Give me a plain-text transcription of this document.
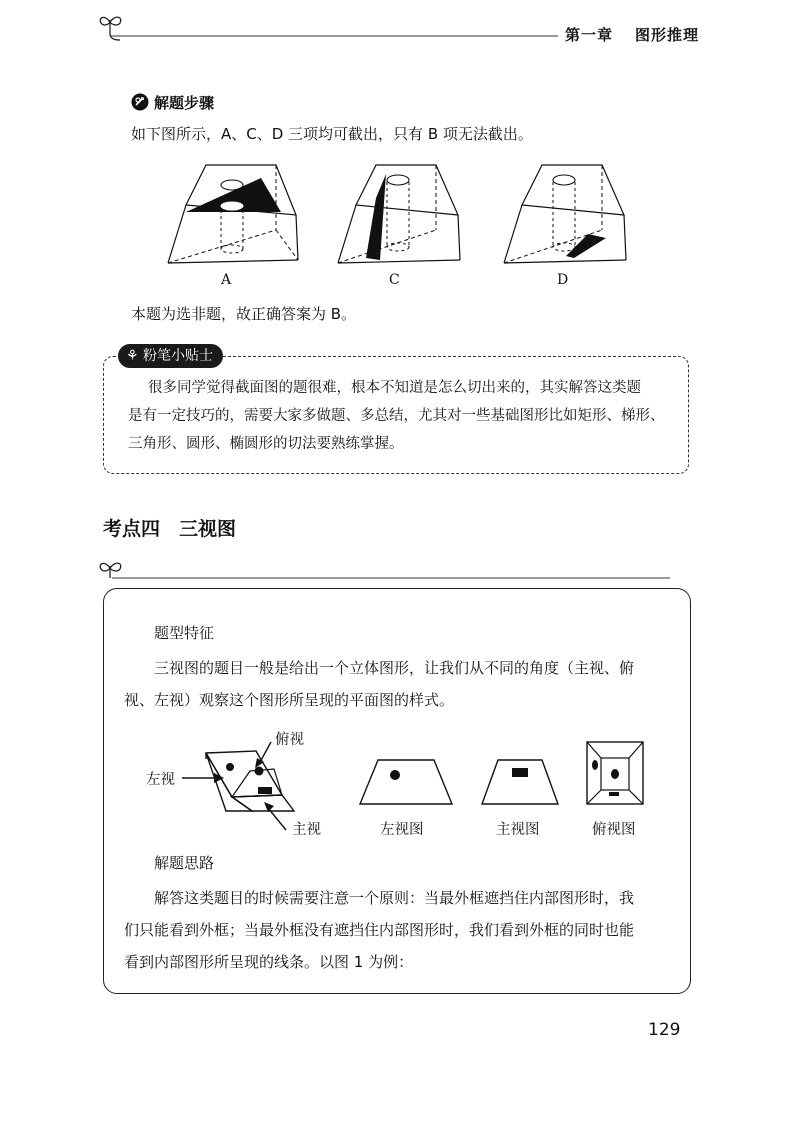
第一章 图形推理
解题步骤
如下图所示，A、C、D 三项均可截出，只有 B 项无法截出。
A	C	D
本题为选非题，故正确答案为 B。
⚘ 粉笔小贴士
很多同学觉得截面图的题很难，根本不知道是怎么切出来的，其实解答这类题
是有一定技巧的，需要大家多做题、多总结，尤其对一些基础图形比如矩形、梯形、
三角形、圆形、椭圆形的切法要熟练掌握。
考点四　三视图
题型特征
三视图的题目一般是给出一个立体图形，让我们从不同的角度（主视、俯
视、左视）观察这个图形所呈现的平面图的样式。
俯视
左视
主视	左视图	主视图	俯视图
解题思路
解答这类题目的时候需要注意一个原则：当最外框遮挡住内部图形时，我
们只能看到外框；当最外框没有遮挡住内部图形时，我们看到外框的同时也能
看到内部图形所呈现的线条。以图 1 为例：
129
